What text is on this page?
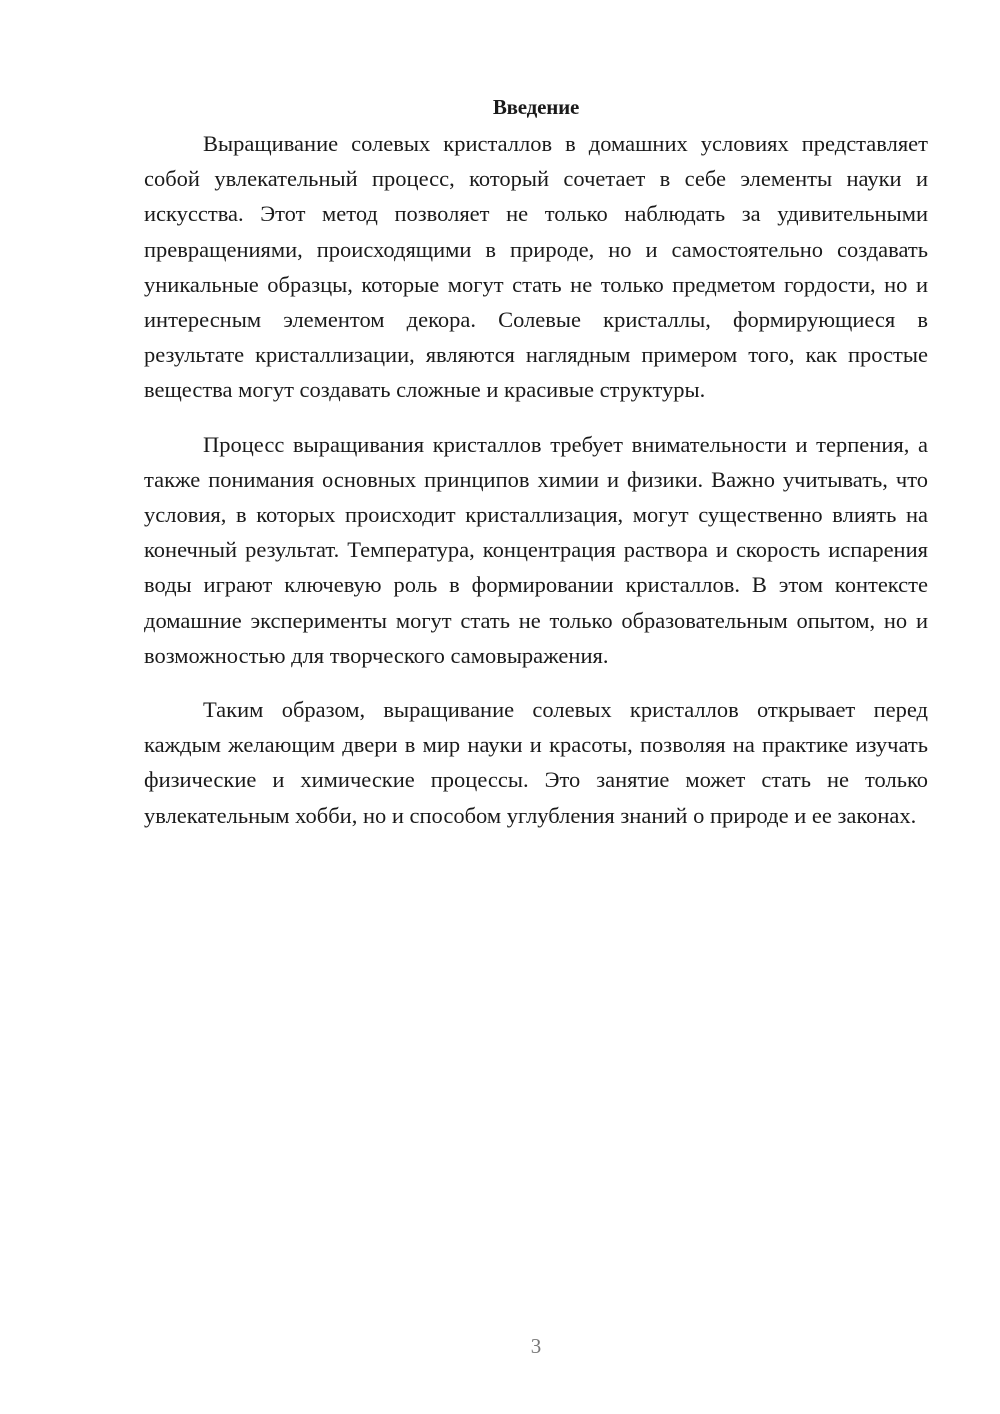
Введение

Выращивание солевых кристаллов в домашних условиях представляет собой увлекательный процесс, который сочетает в себе элементы науки и искусства. Этот метод позволяет не только наблюдать за удивительными превращениями, происходящими в природе, но и самостоятельно создавать уникальные образцы, которые могут стать не только предметом гордости, но и интересным элементом декора. Солевые кристаллы, формирующиеся в результате кристаллизации, являются наглядным примером того, как простые вещества могут создавать сложные и красивые структуры.

Процесс выращивания кристаллов требует внимательности и терпения, а также понимания основных принципов химии и физики. Важно учитывать, что условия, в которых происходит кристаллизация, могут существенно влиять на конечный результат. Температура, концентрация раствора и скорость испарения воды играют ключевую роль в формировании кристаллов. В этом контексте домашние эксперименты могут стать не только образовательным опытом, но и возможностью для творческого самовыражения.

Таким образом, выращивание солевых кристаллов открывает перед каждым желающим двери в мир науки и красоты, позволяя на практике изучать физические и химические процессы. Это занятие может стать не только увлекательным хобби, но и способом углубления знаний о природе и ее законах.

3
